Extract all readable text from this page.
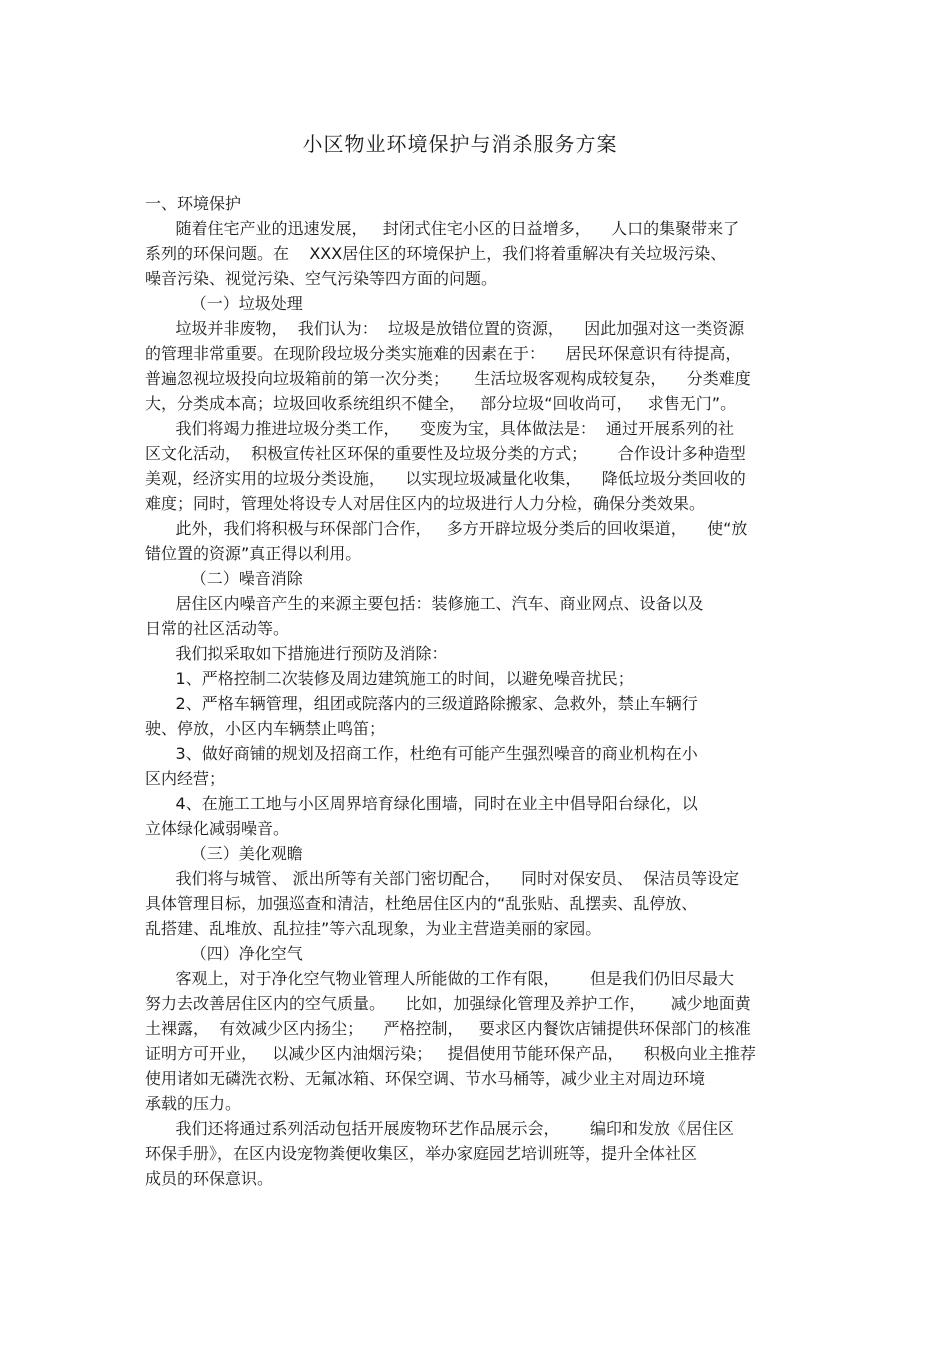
小区物业环境保护与消杀服务方案
一、环境保护
随着住宅产业的迅速发展，   封闭式住宅小区的日益增多，    人口的集聚带来了
系列的环保问题。在    XXX居住区的环境保护上，我们将着重解决有关垃圾污染、
噪音污染、视觉污染、空气污染等四方面的问题。
（一）垃圾处理
垃圾并非废物，  我们认为：  垃圾是放错位置的资源，    因此加强对这一类资源
的管理非常重要。在现阶段垃圾分类实施难的因素在于：    居民环保意识有待提高，
普遍忽视垃圾投向垃圾箱前的第一次分类；     生活垃圾客观构成较复杂，    分类难度
大，分类成本高；垃圾回收系统组织不健全，   部分垃圾“回收尚可，   求售无门”。
我们将竭力推进垃圾分类工作，    变废为宝，具体做法是：  通过开展系列的社
区文化活动，  积极宣传社区环保的重要性及垃圾分类的方式；      合作设计多种造型
美观，经济实用的垃圾分类设施，    以实现垃圾减量化收集，    降低垃圾分类回收的
难度；同时，管理处将设专人对居住区内的垃圾进行人力分检，确保分类效果。
此外，我们将积极与环保部门合作，   多方开辟垃圾分类后的回收渠道，    使“放
错位置的资源”真正得以利用。
（二）噪音消除
居住区内噪音产生的来源主要包括：装修施工、汽车、商业网点、设备以及
日常的社区活动等。
我们拟采取如下措施进行预防及消除：
1、严格控制二次装修及周边建筑施工的时间，以避免噪音扰民；
2、严格车辆管理，组团或院落内的三级道路除搬家、急救外，禁止车辆行
驶、停放，小区内车辆禁止鸣笛；
3、做好商铺的规划及招商工作，杜绝有可能产生强烈噪音的商业机构在小
区内经营；
4、在施工工地与小区周界培育绿化围墙，同时在业主中倡导阳台绿化，以
立体绿化减弱噪音。
（三）美化观瞻
我们将与城管、 派出所等有关部门密切配合，    同时对保安员、  保洁员等设定
具体管理目标，加强巡查和清洁，杜绝居住区内的“乱张贴、乱摆卖、乱停放、
乱搭建、乱堆放、乱拉挂”等六乱现象，为业主营造美丽的家园。
（四）净化空气
客观上，对于净化空气物业管理人所能做的工作有限，      但是我们仍旧尽最大
努力去改善居住区内的空气质量。    比如，加强绿化管理及养护工作，     减少地面黄
土裸露，  有效减少区内扬尘；    严格控制，   要求区内餐饮店铺提供环保部门的核准
证明方可开业，   以减少区内油烟污染；   提倡使用节能环保产品，    积极向业主推荐
使用诸如无磷洗衣粉、无氟冰箱、环保空调、节水马桶等，减少业主对周边环境
承载的压力。
我们还将通过系列活动包括开展废物环艺作品展示会，      编印和发放《居住区
环保手册》，在区内设宠物粪便收集区，举办家庭园艺培训班等，提升全体社区
成员的环保意识。
